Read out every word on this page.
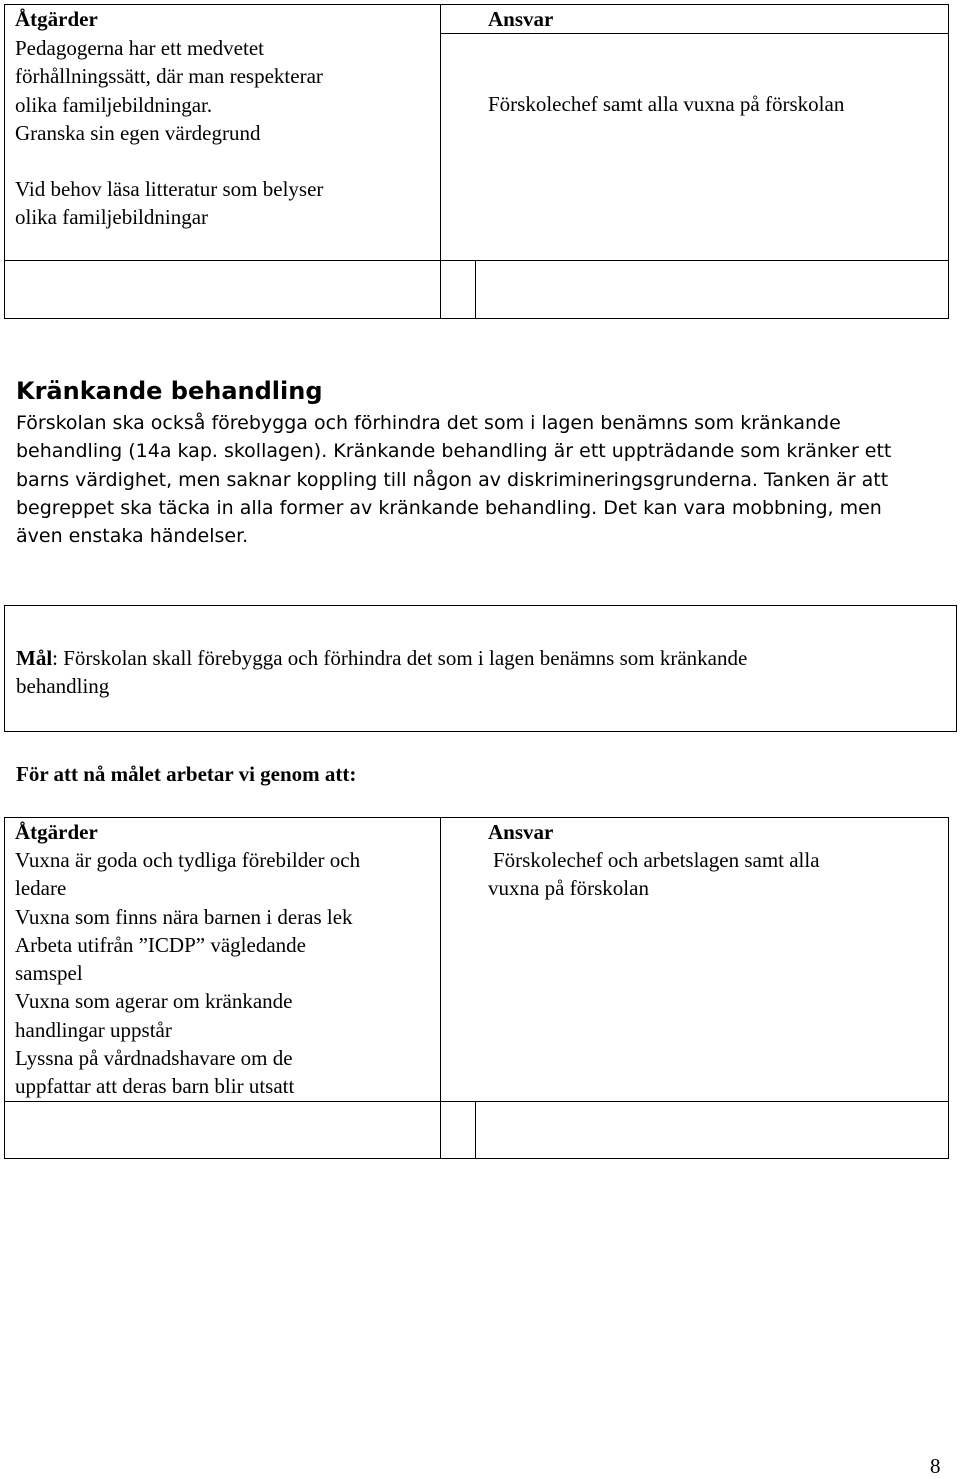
Åtgärder	Ansvar
Pedagogerna har ett medvetet
förhållningssätt, där man respekterar
olika familjebildningar.
Granska sin egen värdegrund
Vid behov läsa litteratur som belyser
olika familjebildningar
Förskolechef samt alla vuxna på förskolan
Kränkande behandling
Förskolan ska också förebygga och förhindra det som i lagen benämns som kränkande
behandling (14a kap. skollagen). Kränkande behandling är ett uppträdande som kränker ett
barns värdighet, men saknar koppling till någon av diskrimineringsgrunderna. Tanken är att
begreppet ska täcka in alla former av kränkande behandling. Det kan vara mobbning, men
även enstaka händelser.
Mål: Förskolan skall förebygga och förhindra det som i lagen benämns som kränkande
behandling
För att nå målet arbetar vi genom att:
Åtgärder	Ansvar
Vuxna är goda och tydliga förebilder och
ledare
Vuxna som finns nära barnen i deras lek
Arbeta utifrån ”ICDP” vägledande
samspel
Vuxna som agerar om kränkande
handlingar uppstår
Lyssna på vårdnadshavare om de
uppfattar att deras barn blir utsatt
Förskolechef och arbetslagen samt alla
vuxna på förskolan
8
